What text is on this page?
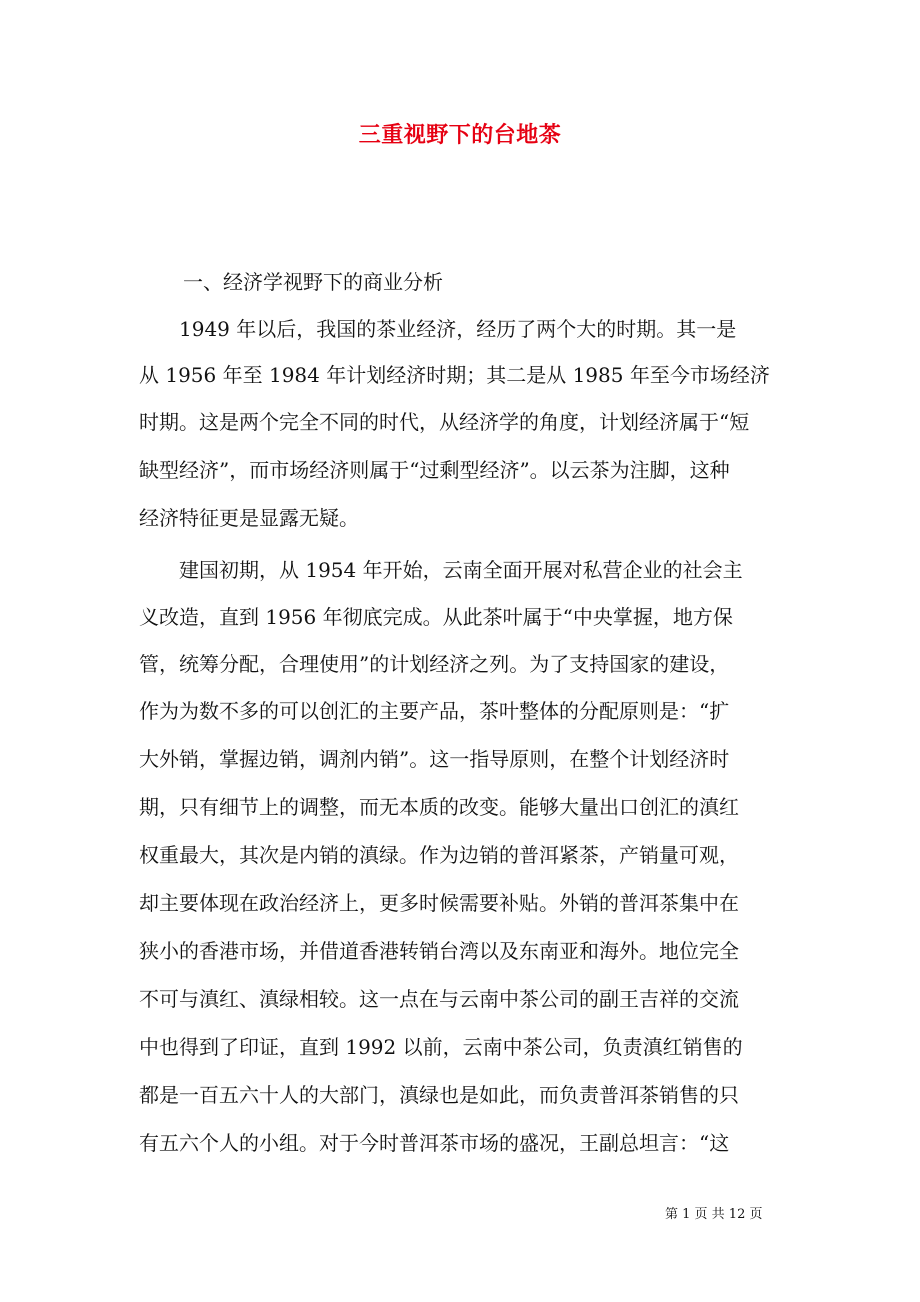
三重视野下的台地茶
一、经济学视野下的商业分析
　　1949 年以后，我国的茶业经济，经历了两个大的时期。其一是
从 1956 年至 1984 年计划经济时期；其二是从 1985 年至今市场经济
时期。这是两个完全不同的时代，从经济学的角度，计划经济属于“短
缺型经济”，而市场经济则属于“过剩型经济”。以云茶为注脚，这种
经济特征更是显露无疑。
　　建国初期，从 1954 年开始，云南全面开展对私营企业的社会主
义改造，直到 1956 年彻底完成。从此茶叶属于“中央掌握，地方保
管，统筹分配，合理使用”的计划经济之列。为了支持国家的建设，
作为为数不多的可以创汇的主要产品，茶叶整体的分配原则是：“扩
大外销，掌握边销，调剂内销”。这一指导原则，在整个计划经济时
期，只有细节上的调整，而无本质的改变。能够大量出口创汇的滇红
权重最大，其次是内销的滇绿。作为边销的普洱紧茶，产销量可观，
却主要体现在政治经济上，更多时候需要补贴。外销的普洱茶集中在
狭小的香港市场，并借道香港转销台湾以及东南亚和海外。地位完全
不可与滇红、滇绿相较。这一点在与云南中茶公司的副王吉祥的交流
中也得到了印证，直到 1992 以前，云南中茶公司，负责滇红销售的
都是一百五六十人的大部门，滇绿也是如此，而负责普洱茶销售的只
有五六个人的小组。对于今时普洱茶市场的盛况，王副总坦言：“这
第 1 页 共 12 页
